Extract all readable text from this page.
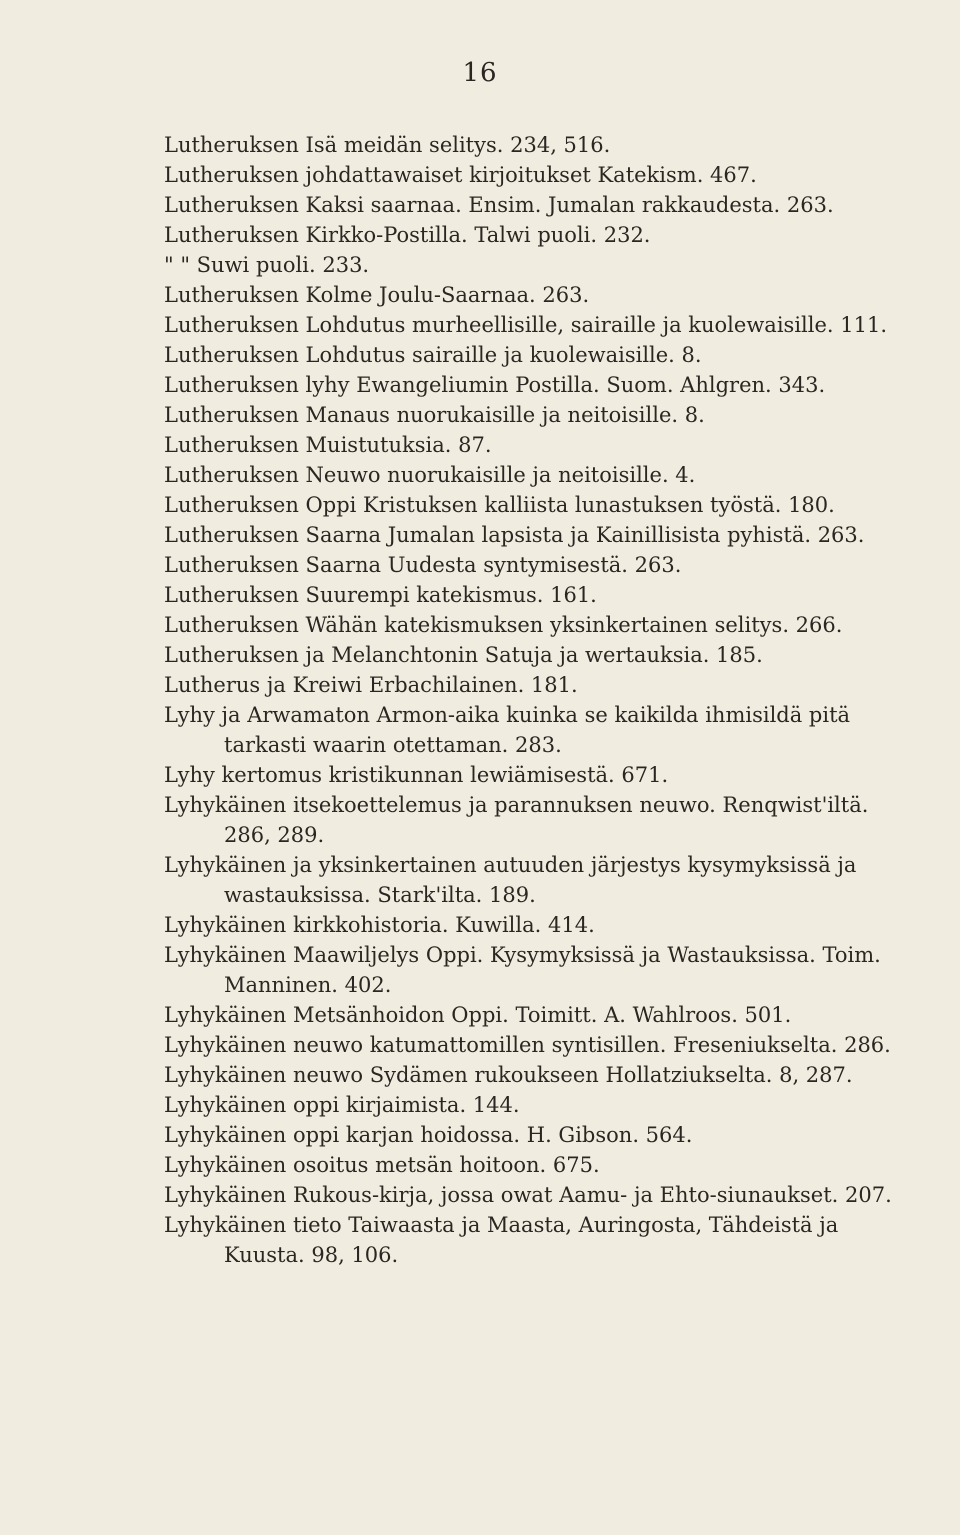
16
Lutheruksen Isä meidän selitys. 234, 516.
Lutheruksen johdattawaiset kirjoitukset Katekism. 467.
Lutheruksen Kaksi saarnaa. Ensim. Jumalan rakkaudesta. 263.
Lutheruksen Kirkko-Postilla. Talwi puoli. 232.
" " Suwi puoli. 233.
Lutheruksen Kolme Joulu-Saarnaa. 263.
Lutheruksen Lohdutus murheellisille, sairaille ja kuolewaisille. 111.
Lutheruksen Lohdutus sairaille ja kuolewaisille. 8.
Lutheruksen lyhy Ewangeliumin Postilla. Suom. Ahlgren. 343.
Lutheruksen Manaus nuorukaisille ja neitoisille. 8.
Lutheruksen Muistutuksia. 87.
Lutheruksen Neuwo nuorukaisille ja neitoisille. 4.
Lutheruksen Oppi Kristuksen kalliista lunastuksen työstä. 180.
Lutheruksen Saarna Jumalan lapsista ja Kainillisista pyhistä. 263.
Lutheruksen Saarna Uudesta syntymisestä. 263.
Lutheruksen Suurempi katekismus. 161.
Lutheruksen Wähän katekismuksen yksinkertainen selitys. 266.
Lutheruksen ja Melanchtonin Satuja ja wertauksia. 185.
Lutherus ja Kreiwi Erbachilainen. 181.
Lyhy ja Arwamaton Armon-aika kuinka se kaikilda ihmisildä pitä tarkasti waarin otettaman. 283.
Lyhy kertomus kristikunnan lewiämisestä. 671.
Lyhykäinen itsekoettelemus ja parannuksen neuwo. Renqwist'iltä. 286, 289.
Lyhykäinen ja yksinkertainen autuuden järjestys kysymyksissä ja wastauksissa. Stark'ilta. 189.
Lyhykäinen kirkkohistoria. Kuwilla. 414.
Lyhykäinen Maawiljelys Oppi. Kysymyksissä ja Wastauksissa. Toim. Manninen. 402.
Lyhykäinen Metsänhoidon Oppi. Toimitt. A. Wahlroos. 501.
Lyhykäinen neuwo katumattomillen syntisillen. Freseniukselta. 286.
Lyhykäinen neuwo Sydämen rukoukseen Hollatziukselta. 8, 287.
Lyhykäinen oppi kirjaimista. 144.
Lyhykäinen oppi karjan hoidossa. H. Gibson. 564.
Lyhykäinen osoitus metsän hoitoon. 675.
Lyhykäinen Rukous-kirja, jossa owat Aamu- ja Ehto-siunaukset. 207.
Lyhykäinen tieto Taiwaasta ja Maasta, Auringosta, Tähdeistä ja Kuusta. 98, 106.
